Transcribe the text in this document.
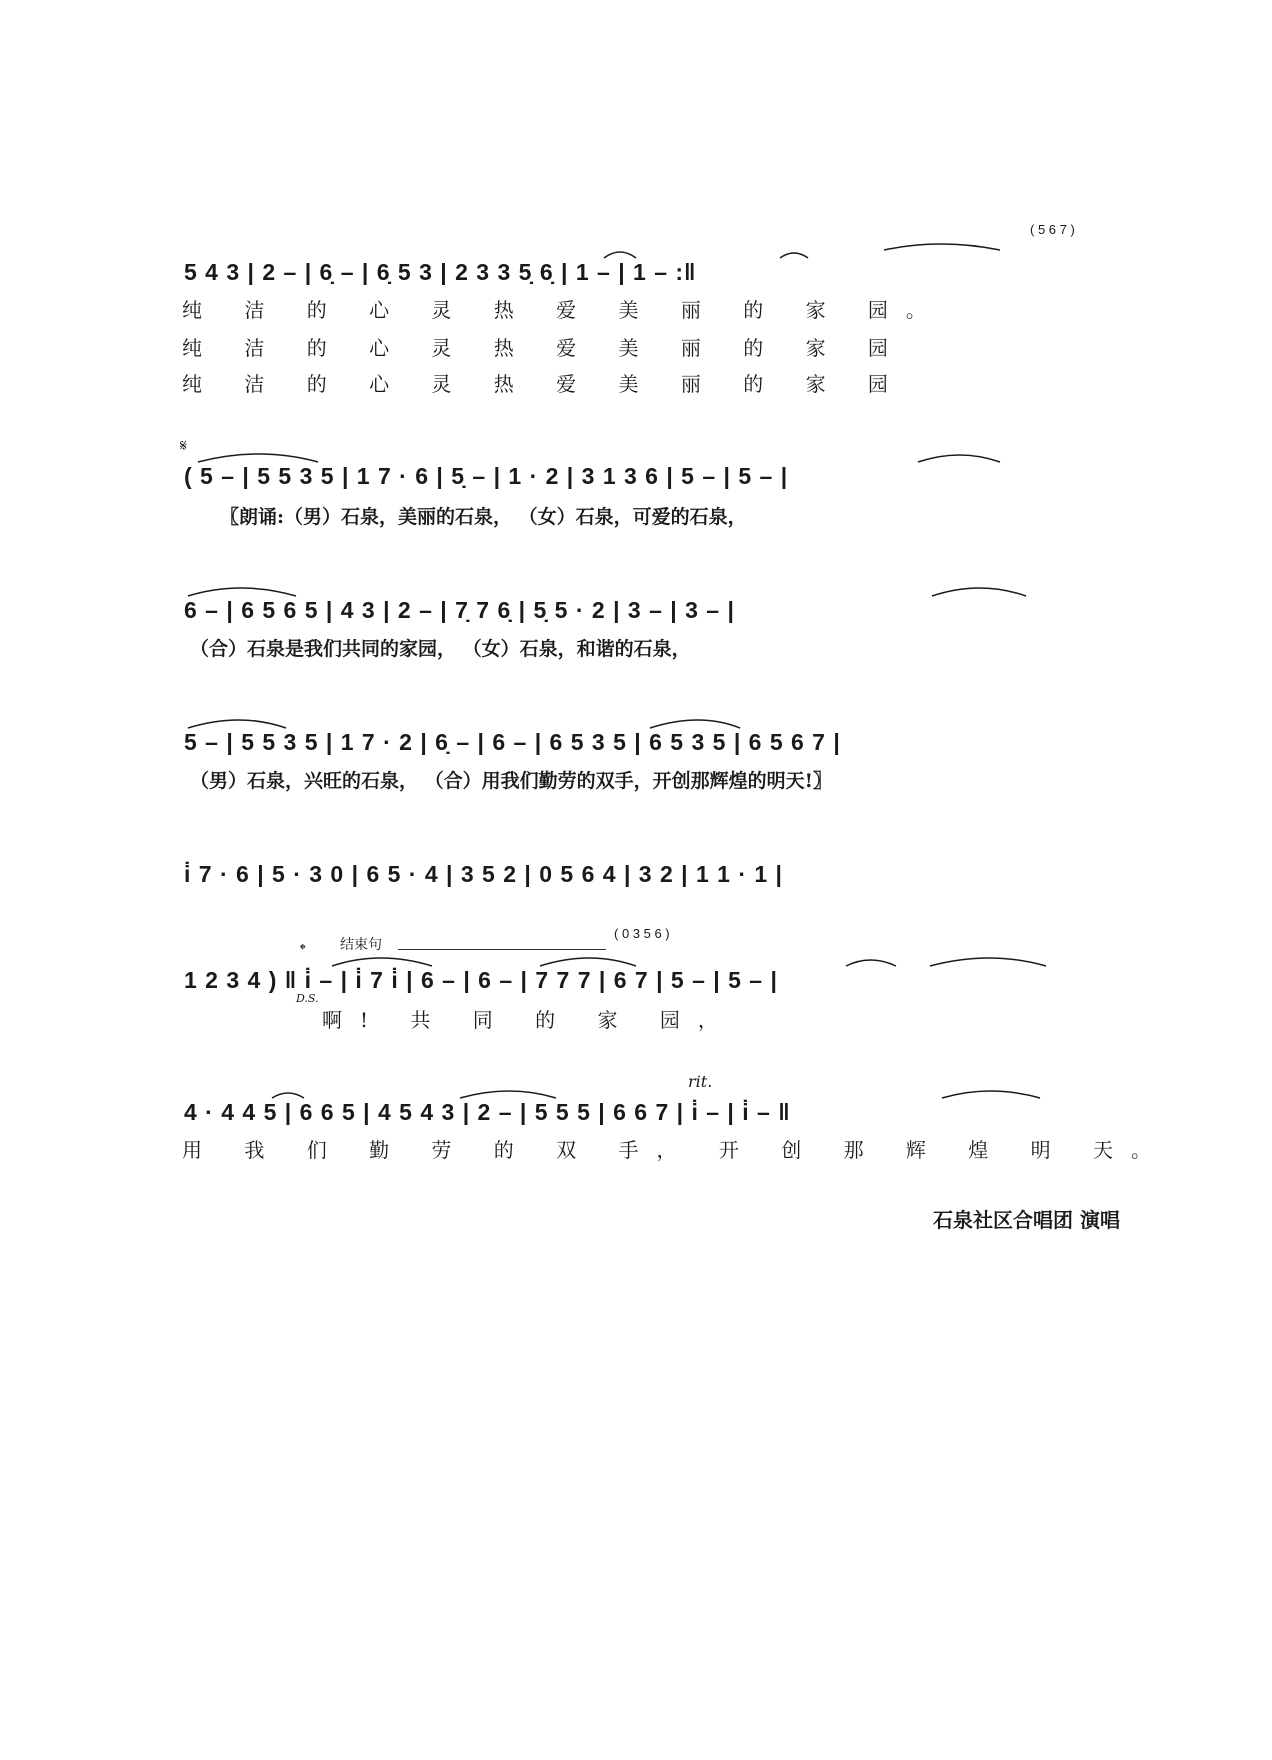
( 5 6 7 )
5 4 3 | 2 – | 6̣ – | 6̣ 5 3 | 2 3 3 5̣ 6̣ | 1 – | 1 – :‖
纯 洁 的 心 灵 热 爱 美 丽 的 家 园。
纯 洁 的 心 灵 热 爱 美 丽 的 家 园
纯 洁 的 心 灵 热 爱 美 丽 的 家 园
𝄋
( 5 – | 5 5 3 5 | 1 7 · 6 | 5̣ – | 1 · 2 | 3 1 3 6 | 5 – | 5 – |
〖朗诵:（男）石泉，美丽的石泉， （女）石泉，可爱的石泉，
6 – | 6 5 6 5 | 4 3 | 2 – | 7̣ 7 6̣ | 5̣ 5 · 2 | 3 – | 3 – |
（合）石泉是我们共同的家园， （女）石泉，和谐的石泉，
5 – | 5 5 3 5 | 1 7 · 2 | 6̣ – | 6 – | 6 5 3 5 | 6 5 3 5 | 6 5 6 7 |
（男）石泉，兴旺的石泉， （合）用我们勤劳的双手，开创那辉煌的明天!〗
i̇ 7 · 6 | 5 · 3 0 | 6 5 · 4 | 3 5 2 | 0 5 6 4 | 3 2 | 1 1 · 1 |
𝄌 结束句
( 0 3 5 6 )
1 2 3 4 ) ‖ i̇ – | i̇ 7 i̇ | 6 – | 6 – | 7 7 7 | 6 7 | 5 – | 5 – |
D.S.
啊! 共 同 的 家 园，
rit.
4 · 4 4 5 | 6 6 5 | 4 5 4 3 | 2 – | 5 5 5 | 6 6 7 | i̇ – | i̇ – ‖
用 我 们 勤 劳 的 双 手， 开 创 那 辉 煌 明 天。
石泉社区合唱团 演唱
